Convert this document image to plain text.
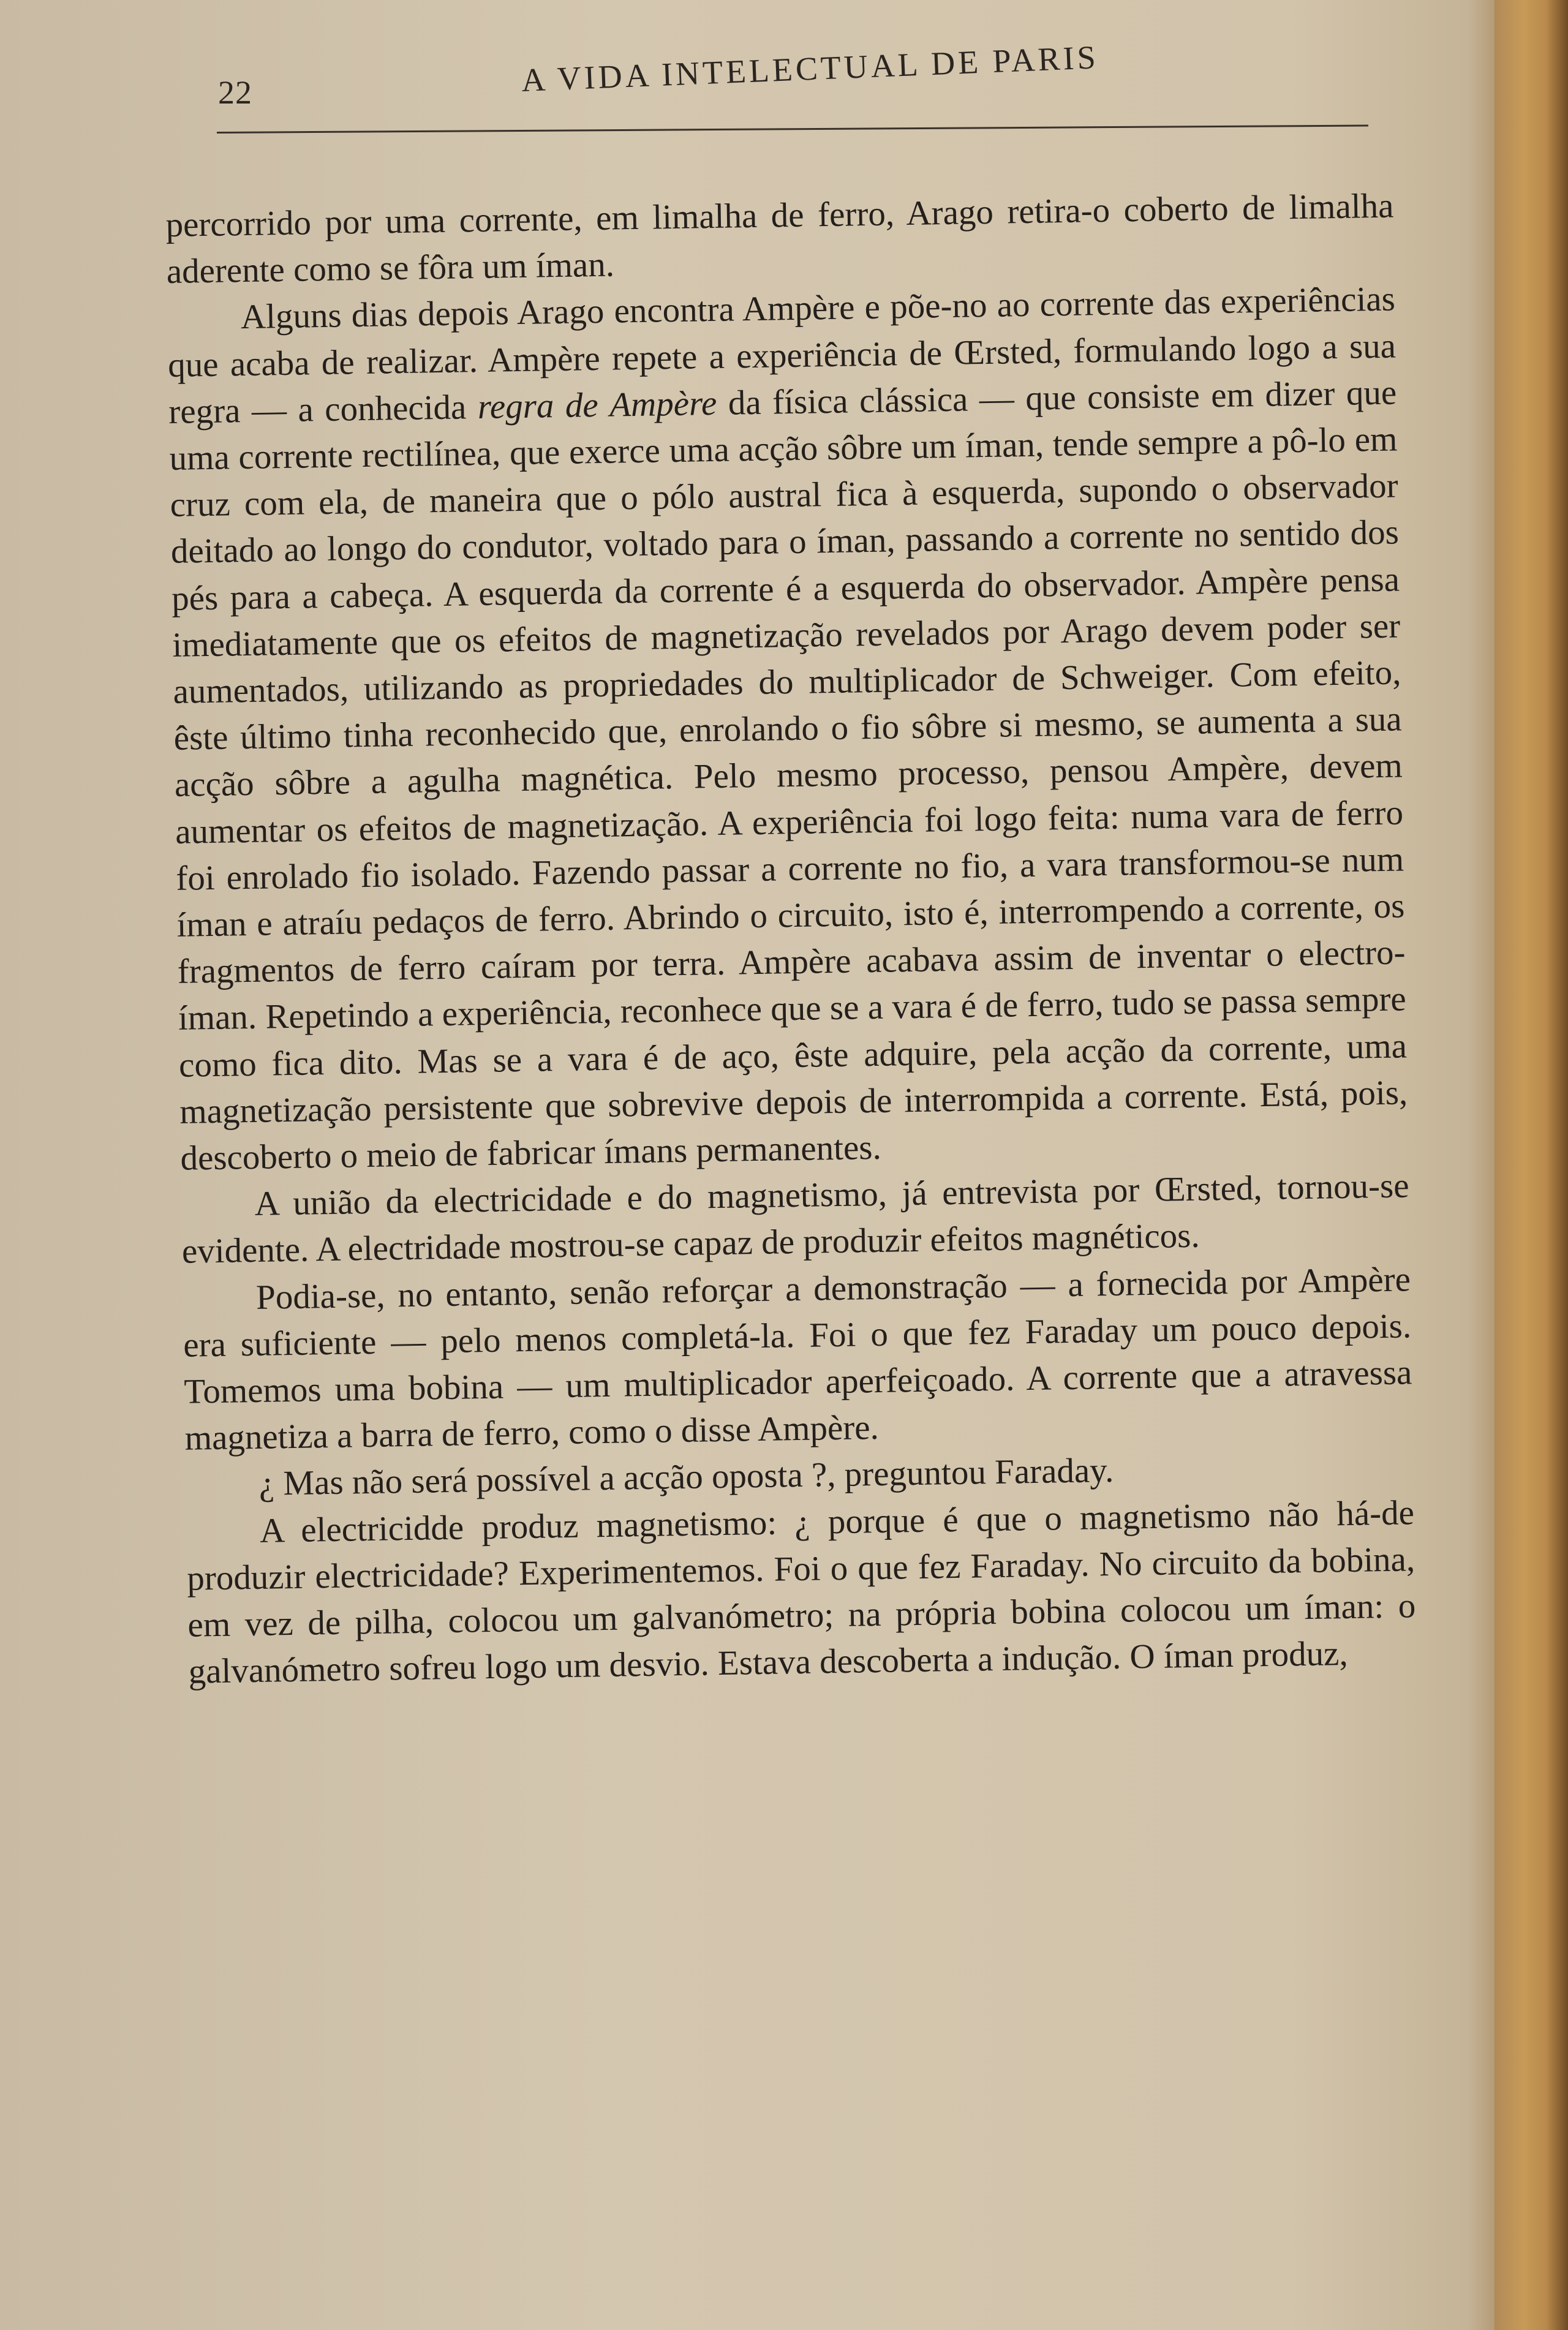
22	A VIDA INTELECTUAL DE PARIS

percorrido por uma corrente, em limalha de ferro, Arago retira-o coberto de limalha aderente como se fôra um íman.

Alguns dias depois Arago encontra Ampère e põe-no ao corrente das experiências que acaba de realizar. Ampère repete a experiência de Œrsted, formulando logo a sua regra — a conhecida regra de Ampère da física clássica — que consiste em dizer que uma corrente rectilínea, que exerce uma acção sôbre um íman, tende sempre a pô-lo em cruz com ela, de maneira que o pólo austral fica à esquerda, supondo o observador deitado ao longo do condutor, voltado para o íman, passando a corrente no sentido dos pés para a cabeça. A esquerda da corrente é a esquerda do observador. Ampère pensa imediatamente que os efeitos de magnetização revelados por Arago devem poder ser aumentados, utilizando as propriedades do multiplicador de Schweiger. Com efeito, êste último tinha reconhecido que, enrolando o fio sôbre si mesmo, se aumenta a sua acção sôbre a agulha magnética. Pelo mesmo processo, pensou Ampère, devem aumentar os efeitos de magnetização. A experiência foi logo feita: numa vara de ferro foi enrolado fio isolado. Fazendo passar a corrente no fio, a vara transformou-se num íman e atraíu pedaços de ferro. Abrindo o circuito, isto é, interrompendo a corrente, os fragmentos de ferro caíram por terra. Ampère acabava assim de inventar o electro-íman. Repetindo a experiência, reconhece que se a vara é de ferro, tudo se passa sempre como fica dito. Mas se a vara é de aço, êste adquire, pela acção da corrente, uma magnetização persistente que sobrevive depois de interrompida a corrente. Está, pois, descoberto o meio de fabricar ímans permanentes.

A união da electricidade e do magnetismo, já entrevista por Œrsted, tornou-se evidente. A electridade mostrou-se capaz de produzir efeitos magnéticos.

Podia-se, no entanto, senão reforçar a demonstração — a fornecida por Ampère era suficiente — pelo menos completá-la. Foi o que fez Faraday um pouco depois. Tomemos uma bobina — um multiplicador aperfeiçoado. A corrente que a atravessa magnetiza a barra de ferro, como o disse Ampère.

¿ Mas não será possível a acção oposta ?, preguntou Faraday.

A electricidde produz magnetismo: ¿ porque é que o magnetismo não há-de produzir electricidade? Experimentemos. Foi o que fez Faraday. No circuito da bobina, em vez de pilha, colocou um galvanómetro; na própria bobina colocou um íman: o galvanómetro sofreu logo um desvio. Estava descoberta a indução. O íman produz,
